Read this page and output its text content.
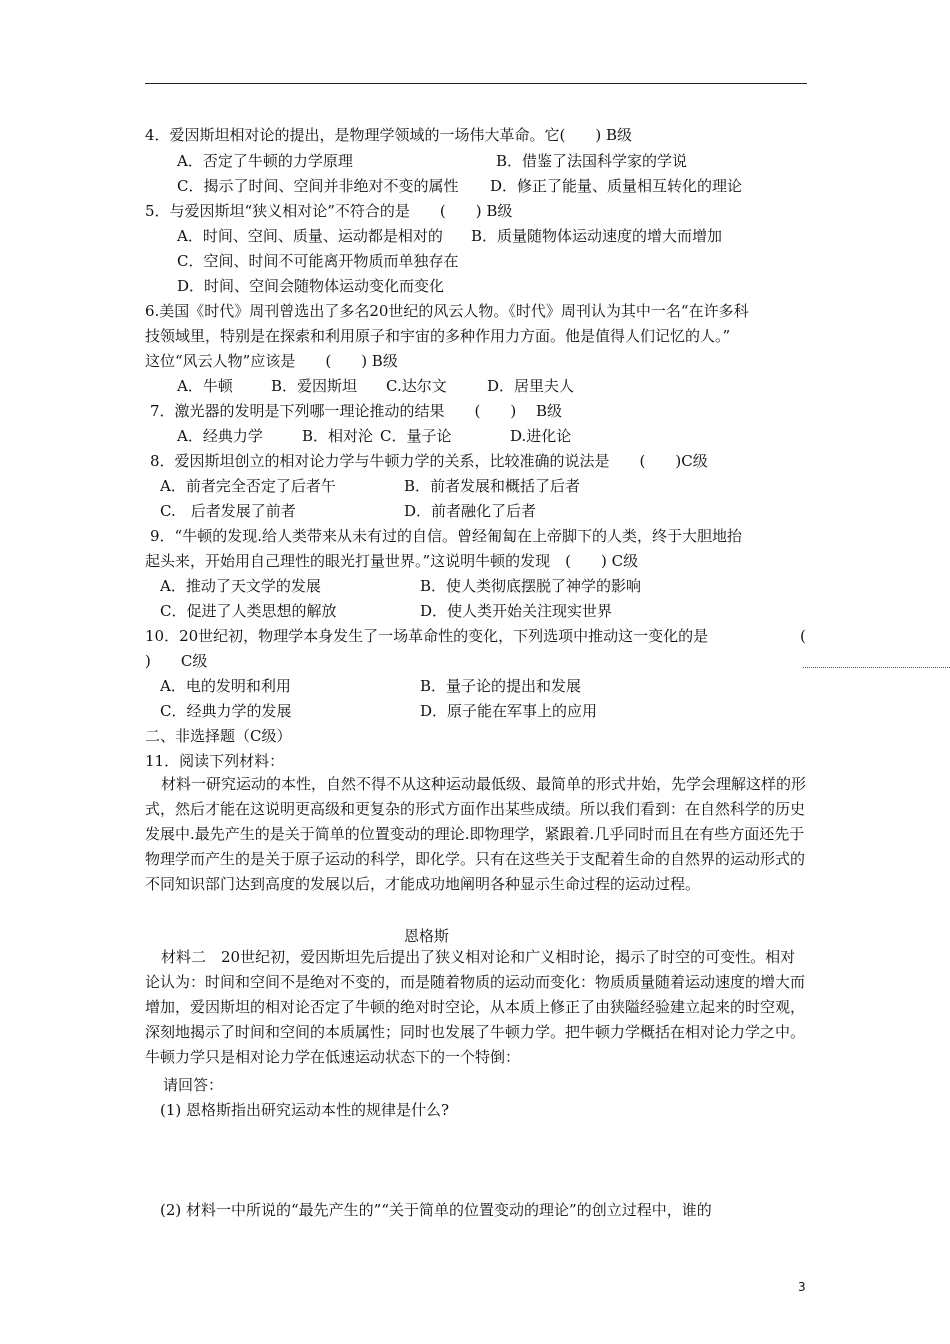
4．爱因斯坦相对论的提出，是物理学领域的一场伟大革命。它(　　) B级
A．否定了牛顿的力学原理	B．借鉴了法国科学家的学说
C．揭示了时间、空间并非绝对不变的属性 D．修正了能量、质量相互转化的理论
5．与爱因斯坦“狭义相对论”不符合的是　　(　　) B级
A．时间、空间、质量、运动都是相对的 B．质量随物体运动速度的增大而增加
C．空间、时间不可能离开物质而单独存在
D．时间、空间会随物体运动变化而变化
6.美国《时代》周刊曾选出了多名20世纪的风云人物。《时代》周刊认为其中一名“在许多科
技领域里，特别是在探索和利用原子和宇宙的多种作用力方面。他是值得人们记忆的人。”
这位“风云人物”应该是　　(　　) B级
A．牛顿	B．爱因斯坦 C.达尔文	D．居里夫人
7．激光器的发明是下列哪一理论推动的结果　　(　　)　 B级
A．经典力学	B．相对沦 C．量子论	D.进化论
8．爱因斯坦创立的相对论力学与牛顿力学的关系，比较准确的说法是　　(　　)C级
A．前者完全否定了后者午	B．前者发展和概括了后者
C.　后者发展了前者	D．前者融化了后者
9．“牛顿的发现.给人类带来从未有过的自信。曾经匍匐在上帝脚下的人类，终于大胆地抬
起头来，开始用自己理性的眼光打量世界。”这说明牛顿的发现　(　　) C级
A．推动了天文学的发展	B．使人类彻底摆脱了神学的影响
C．促进了人类思想的解放	D．使人类开始关注现实世界
10．20世纪初，物理学本身发生了一场革命性的变化，下列选项中推动这一变化的是	(
)　　C级
A．电的发明和利用	B．量子论的提出和发展
C．经典力学的发展	D．原子能在军事上的应用
二、非选择题（C级）
11．阅读下列材料：
材料一研究运动的本性，自然不得不从这种运动最低级、最简单的形式井始，先学会理解这样的形式，然后才能在这说明更高级和更复杂的形式方面作出某些成绩。所以我们看到：在自然科学的历史发展中.最先产生的是关于简单的位置变动的理论.即物理学，紧跟着.几乎同时而且在有些方面还先于物理学而产生的是关于原子运动的科学，即化学。只有在这些关于支配着生命的自然界的运动形式的不同知识部门达到高度的发展以后，才能成功地阐明各种显示生命过程的运动过程。
恩格斯
材料二　20世纪初，爱因斯坦先后提出了狭义相对论和广义相时论，揭示了时空的可变性。相对论认为：时间和空间不是绝对不变的，而是随着物质的运动而变化：物质质量随着运动速度的增大而增加，爱因斯坦的相对论否定了牛顿的绝对时空论，从本质上修正了由狭隘经验建立起来的时空观，深刻地揭示了时间和空间的本质属性；同时也发展了牛顿力学。把牛顿力学概括在相对论力学之中。牛顿力学只是相对论力学在低速运动状态下的一个特倒：
请回答：
(1) 恩格斯指出研究运动本性的规律是什么?
(2) 材料一中所说的“最先产生的”“关于简单的位置变动的理论”的创立过程中，谁的
3
